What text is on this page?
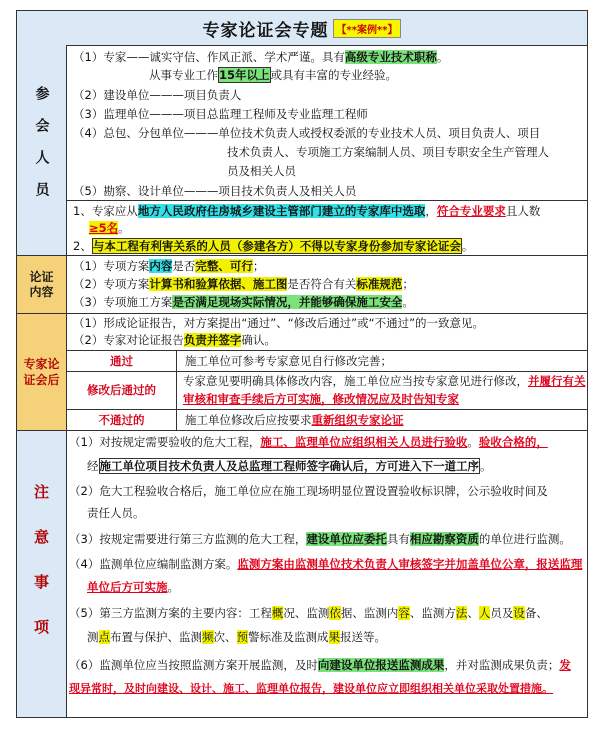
专家论证会专题 【**案例**】
参会人员
（1）专家——诚实守信、作风正派、学术严谨。具有高级专业技术职称。
从事专业工作15年以上或具有丰富的专业经验。
（2）建设单位———项目负责人
（3）监理单位———项目总监理工程师及专业监理工程师
（4）总包、分包单位———单位技术负责人或授权委派的专业技术人员、项目负责人、项目
技术负责人、专项施工方案编制人员、项目专职安全生产管理人
员及相关人员
（5）勘察、设计单位———项目技术负责人及相关人员
1、专家应从地方人民政府住房城乡建设主管部门建立的专家库中选取，符合专业要求且人数
≥5名。
2、与本工程有利害关系的人员（参建各方）不得以专家身份参加专家论证会。
论证内容
（1）专项方案内容是否完整、可行；
（2）专项方案计算书和验算依据、施工图是否符合有关标准规范；
（3）专项施工方案是否满足现场实际情况，并能够确保施工安全。
专家论证会后
（1）形成论证报告，对方案提出“通过”、“修改后通过”或“不通过”的一致意见。
（2）专家对论证报告负责并签字确认。
通过	施工单位可参考专家意见自行修改完善；
修改后通过的
专家意见要明确具体修改内容，施工单位应当按专家意见进行修改，并履行有关
审核和审查手续后方可实施，修改情况应及时告知专家
不通过的	施工单位修改后应按要求重新组织专家论证
注意事项
（1）对按规定需要验收的危大工程，施工、监理单位应组织相关人员进行验收。验收合格的，
经施工单位项目技术负责人及总监理工程师签字确认后，方可进入下一道工序。
（2）危大工程验收合格后，施工单位应在施工现场明显位置设置验收标识牌，公示验收时间及
责任人员。
（3）按规定需要进行第三方监测的危大工程，建设单位应委托具有相应勘察资质的单位进行监测。
（4）监测单位应编制监测方案。监测方案由监测单位技术负责人审核签字并加盖单位公章，报送监理
单位后方可实施。
（5）第三方监测方案的主要内容：工程概况、监测依据、监测内容、监测方法、人员及设备、
测点布置与保护、监测频次、预警标准及监测成果报送等。
（6）监测单位应当按照监测方案开展监测，及时向建设单位报送监测成果，并对监测成果负责；发
现异常时，及时向建设、设计、施工、监理单位报告，建设单位应立即组织相关单位采取处置措施。
